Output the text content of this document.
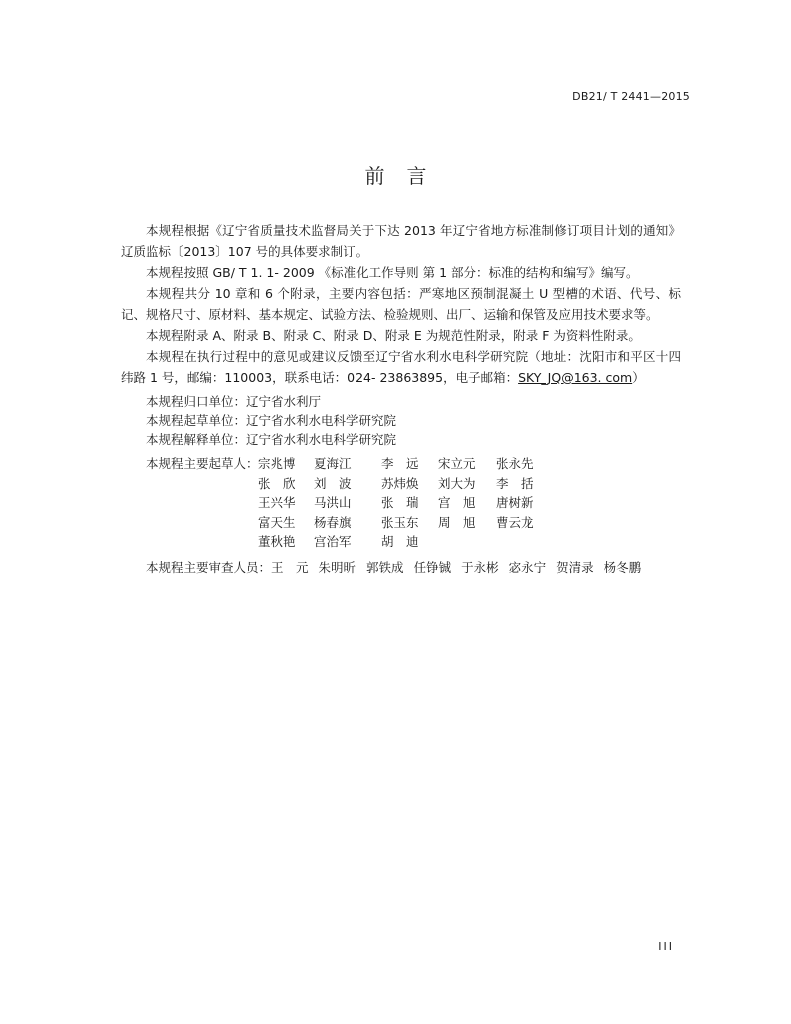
DB21/ T 2441—2015
前言

本规程根据《辽宁省质量技术监督局关于下达 2013 年辽宁省地方标准制修订项目计划的通知》辽质监标〔2013〕107 号的具体要求制订。

本规程按照 GB/ T 1. 1- 2009 《标准化工作导则 第 1 部分：标准的结构和编写》编写。

本规程共分 10 章和 6 个附录，主要内容包括：严寒地区预制混凝土 U 型槽的术语、代号、标记、规格尺寸、原材料、基本规定、试验方法、检验规则、出厂、运输和保管及应用技术要求等。

本规程附录 A、附录 B、附录 C、附录 D、附录 E 为规范性附录，附录 F 为资料性附录。

本规程在执行过程中的意见或建议反馈至辽宁省水利水电科学研究院（地址：沈阳市和平区十四纬路 1 号，邮编：110003，联系电话：024- 23863895，电子邮箱：SKY_JQ@163. com）

本规程归口单位：辽宁省水利厅
本规程起草单位：辽宁省水利水电科学研究院
本规程解释单位：辽宁省水利水电科学研究院
本规程主要起草人： 宗兆博	夏海江	李　远	宋立元	张永先
张　欣	刘　波	苏炜焕	刘大为	李　括
王兴华	马洪山	张　瑞	宫　旭	唐树新
富天生	杨春旗	张玉东	周　旭	曹云龙
董秋艳	宫治军	胡　迪
本规程主要审查人员：王　元 朱明昕 郭铁成 任铮铖 于永彬 宓永宁 贺清录 杨冬鹏
III
